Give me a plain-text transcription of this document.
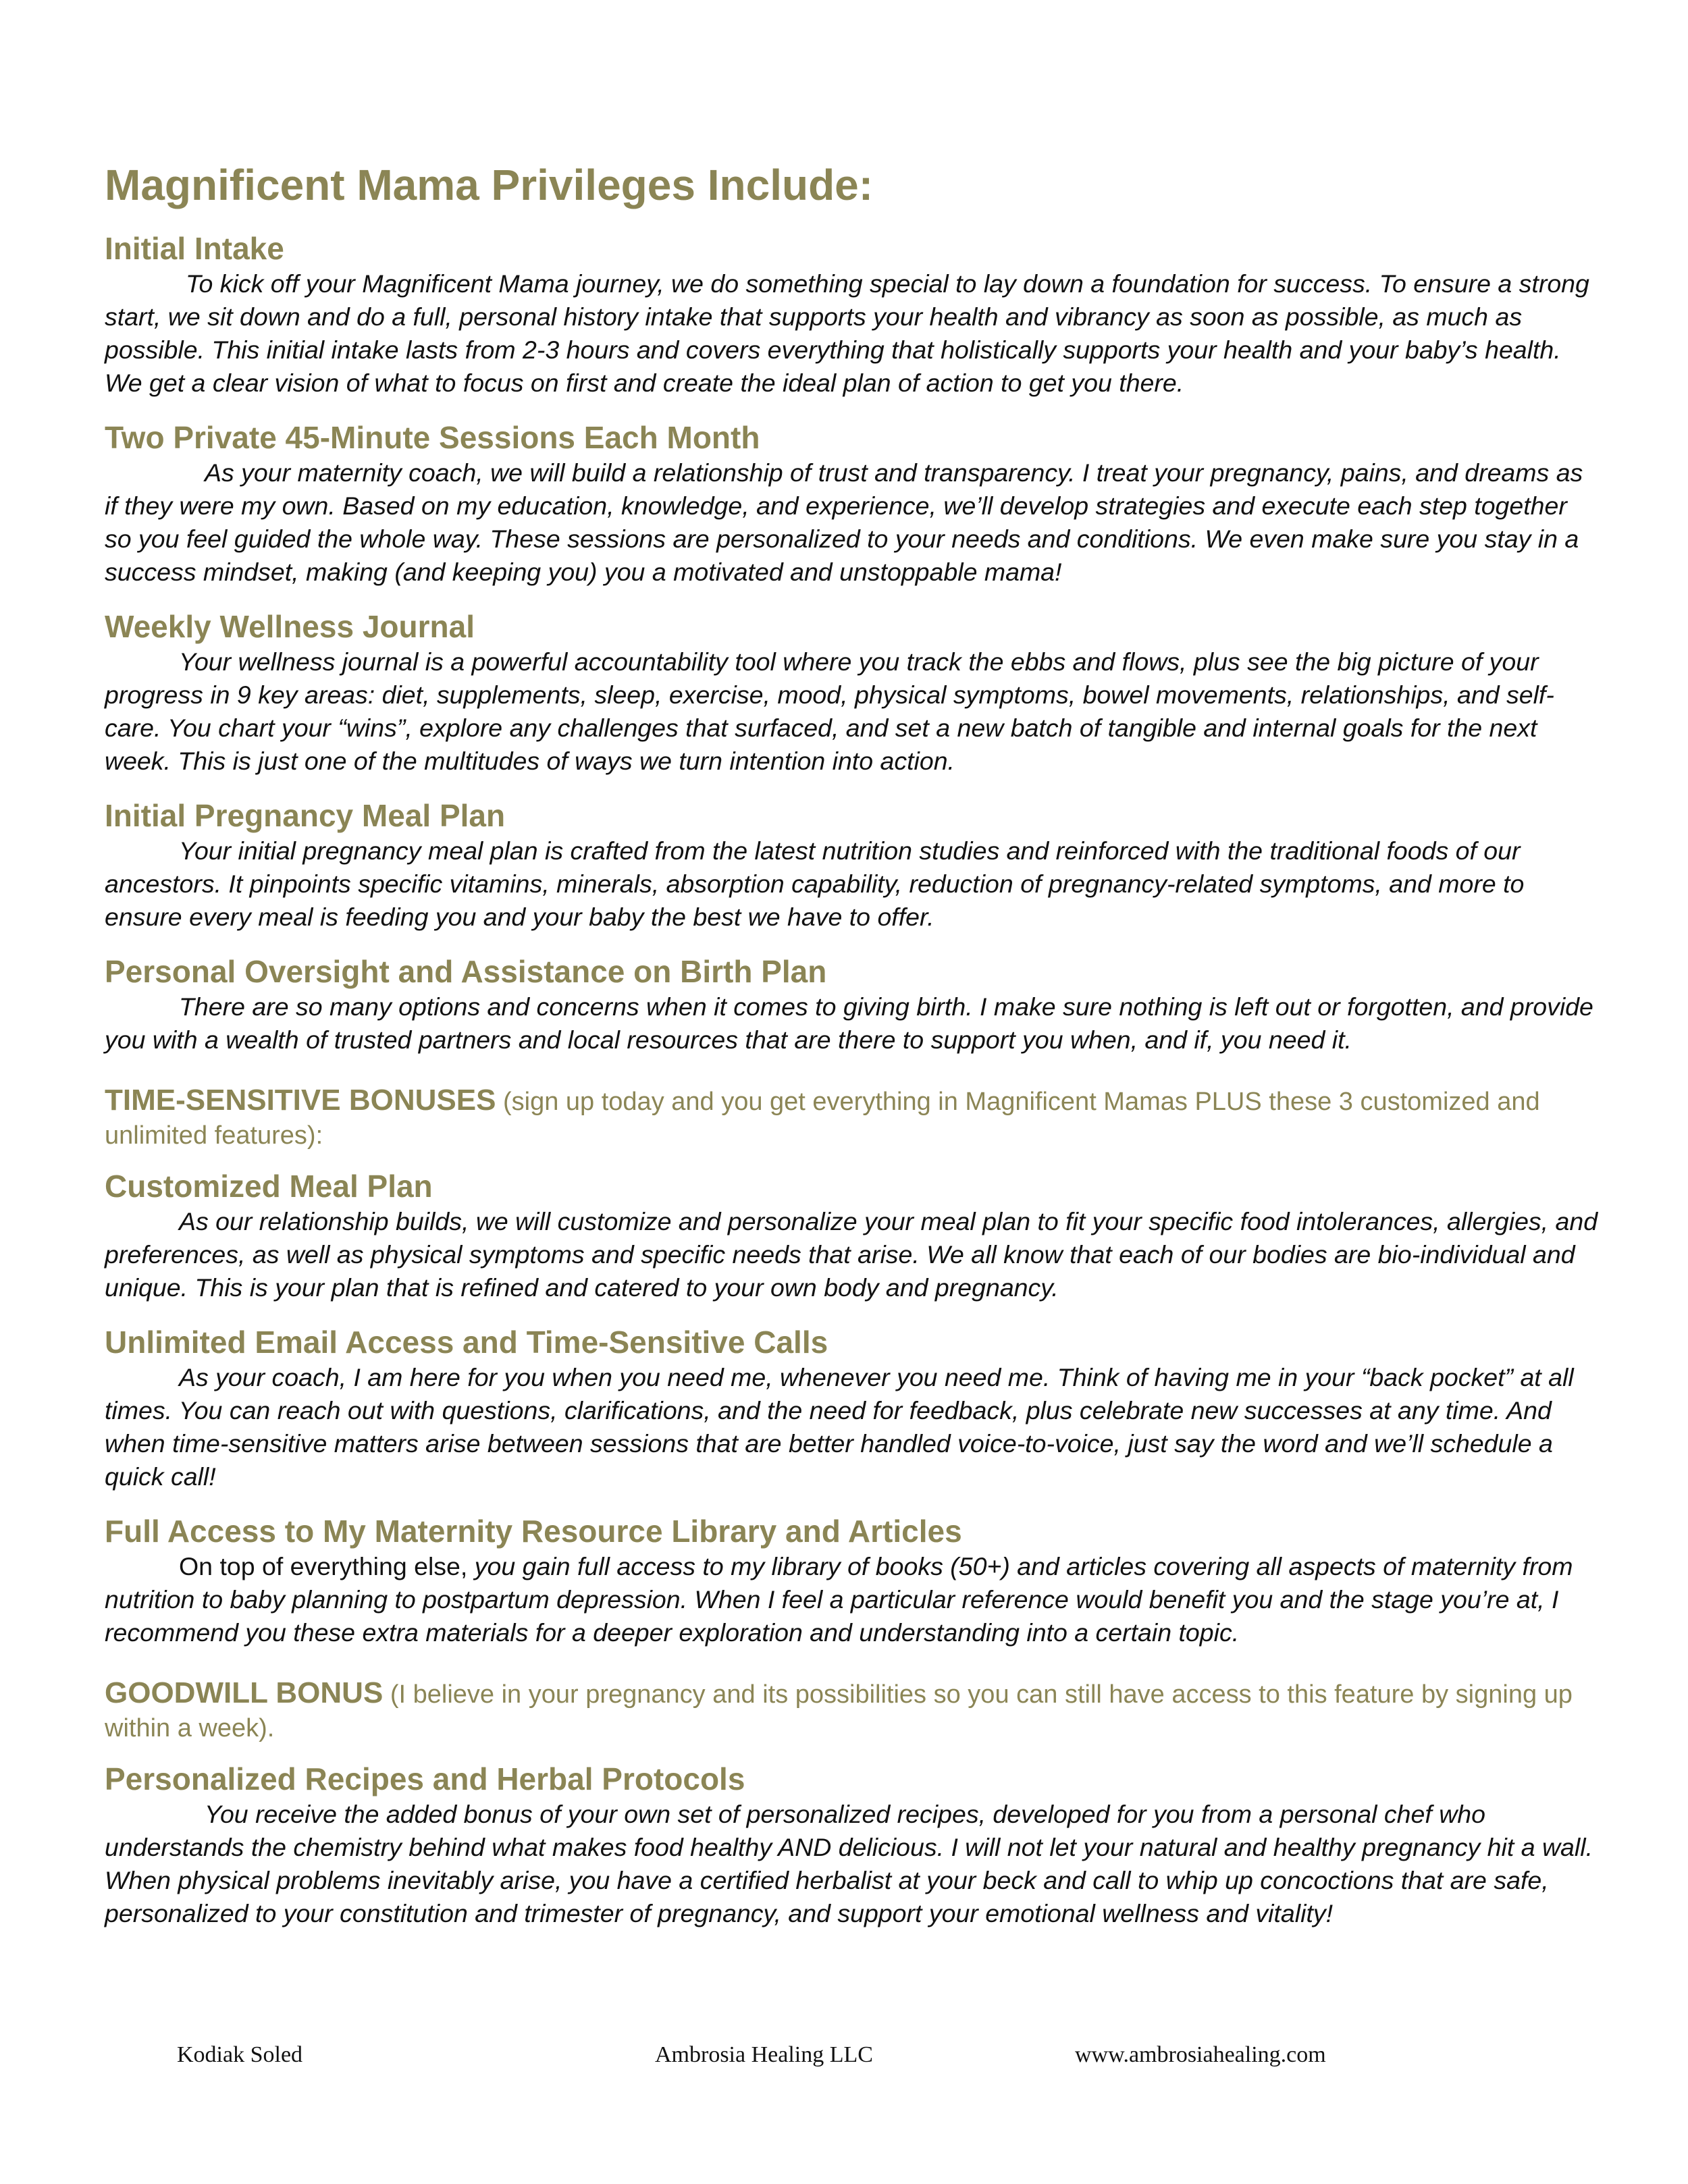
Magnificent Mama Privileges Include:
Initial Intake

To kick off your Magnificent Mama journey, we do something special to lay down a foundation for success. To ensure a strong start, we sit down and do a full, personal history intake that supports your health and vibrancy as soon as possible, as much as possible. This initial intake lasts from 2-3 hours and covers everything that holistically supports your health and your baby’s health. We get a clear vision of what to focus on first and create the ideal plan of action to get you there.

Two Private 45-Minute Sessions Each Month

As your maternity coach, we will build a relationship of trust and transparency. I treat your pregnancy, pains, and dreams as if they were my own. Based on my education, knowledge, and experience, we’ll develop strategies and execute each step together so you feel guided the whole way. These sessions are personalized to your needs and conditions. We even make sure you stay in a success mindset, making (and keeping you) you a motivated and unstoppable mama!

Weekly Wellness Journal

Your wellness journal is a powerful accountability tool where you track the ebbs and flows, plus see the big picture of your progress in 9 key areas: diet, supplements, sleep, exercise, mood, physical symptoms, bowel movements, relationships, and self-care. You chart your “wins”, explore any challenges that surfaced, and set a new batch of tangible and internal goals for the next week. This is just one of the multitudes of ways we turn intention into action.

Initial Pregnancy Meal Plan

Your initial pregnancy meal plan is crafted from the latest nutrition studies and reinforced with the traditional foods of our ancestors. It pinpoints specific vitamins, minerals, absorption capability, reduction of pregnancy-related symptoms, and more to ensure every meal is feeding you and your baby the best we have to offer.

Personal Oversight and Assistance on Birth Plan

There are so many options and concerns when it comes to giving birth. I make sure nothing is left out or forgotten, and provide you with a wealth of trusted partners and local resources that are there to support you when, and if, you need it.

TIME-SENSITIVE BONUSES (sign up today and you get everything in Magnificent Mamas PLUS these 3 customized and unlimited features):

Customized Meal Plan

As our relationship builds, we will customize and personalize your meal plan to fit your specific food intolerances, allergies, and preferences, as well as physical symptoms and specific needs that arise. We all know that each of our bodies are bio-individual and unique. This is your plan that is refined and catered to your own body and pregnancy.

Unlimited Email Access and Time-Sensitive Calls

As your coach, I am here for you when you need me, whenever you need me. Think of having me in your “back pocket” at all times. You can reach out with questions, clarifications, and the need for feedback, plus celebrate new successes at any time. And when time-sensitive matters arise between sessions that are better handled voice-to-voice, just say the word and we’ll schedule a quick call!

Full Access to My Maternity Resource Library and Articles

On top of everything else, you gain full access to my library of books (50+) and articles covering all aspects of maternity from nutrition to baby planning to postpartum depression. When I feel a particular reference would benefit you and the stage you’re at, I recommend you these extra materials for a deeper exploration and understanding into a certain topic.

GOODWILL BONUS (I believe in your pregnancy and its possibilities so you can still have access to this feature by signing up within a week).

Personalized Recipes and Herbal Protocols

You receive the added bonus of your own set of personalized recipes, developed for you from a personal chef who understands the chemistry behind what makes food healthy AND delicious. I will not let your natural and healthy pregnancy hit a wall. When physical problems inevitably arise, you have a certified herbalist at your beck and call to whip up concoctions that are safe, personalized to your constitution and trimester of pregnancy, and support your emotional wellness and vitality!

Kodiak Soled	Ambrosia Healing LLC	www.ambrosiahealing.com
